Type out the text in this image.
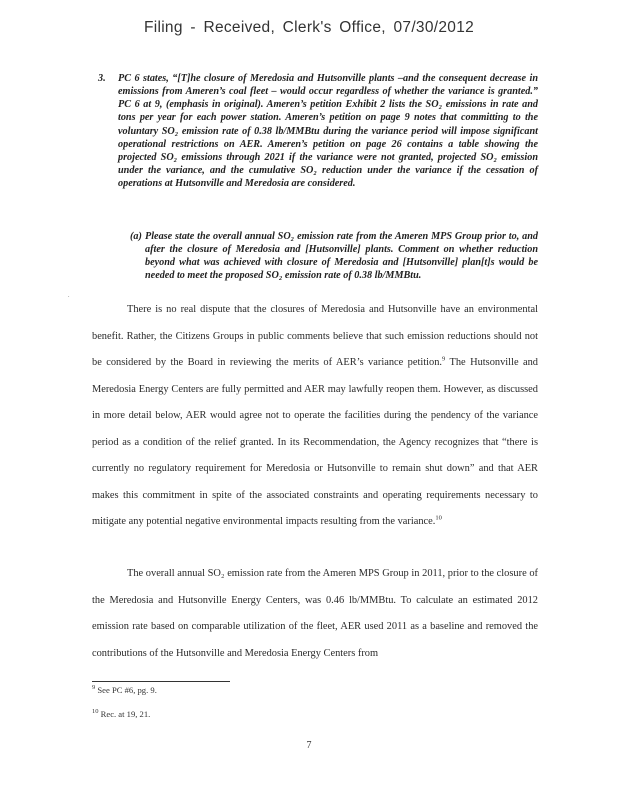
Filing - Received, Clerk's Office, 07/30/2012
3. PC 6 states, “[T]he closure of Meredosia and Hutsonville plants –and the consequent decrease in emissions from Ameren’s coal fleet – would occur regardless of whether the variance is granted.” PC 6 at 9, (emphasis in original). Ameren’s petition Exhibit 2 lists the SO₂ emissions in rate and tons per year for each power station. Ameren’s petition on page 9 notes that committing to the voluntary SO₂ emission rate of 0.38 lb/MMBtu during the variance period will impose significant operational restrictions on AER. Ameren’s petition on page 26 contains a table showing the projected SO₂ emissions through 2021 if the variance were not granted, projected SO₂ emission under the variance, and the cumulative SO₂ reduction under the variance if the cessation of operations at Hutsonville and Meredosia are considered.
(a) Please state the overall annual SO₂ emission rate from the Ameren MPS Group prior to, and after the closure of Meredosia and [Hutsonville] plants. Comment on whether reduction beyond what was achieved with closure of Meredosia and [Hutsonville] plan[t]s would be needed to meet the proposed SO₂ emission rate of 0.38 lb/MMBtu.
.
There is no real dispute that the closures of Meredosia and Hutsonville have an environmental benefit. Rather, the Citizens Groups in public comments believe that such emission reductions should not be considered by the Board in reviewing the merits of AER’s variance petition.$^9$ The Hutsonville and Meredosia Energy Centers are fully permitted and AER may lawfully reopen them. However, as discussed in more detail below, AER would agree not to operate the facilities during the pendency of the variance period as a condition of the relief granted. In its Recommendation, the Agency recognizes that “there is currently no regulatory requirement for Meredosia or Hutsonville to remain shut down” and that AER makes this commitment in spite of the associated constraints and operating requirements necessary to mitigate any potential negative environmental impacts resulting from the variance.$^{10}$
The overall annual SO₂ emission rate from the Ameren MPS Group in 2011, prior to the closure of the Meredosia and Hutsonville Energy Centers, was 0.46 lb/MMBtu. To calculate an estimated 2012 emission rate based on comparable utilization of the fleet, AER used 2011 as a baseline and removed the contributions of the Hutsonville and Meredosia Energy Centers from
$^9$ See PC #6, pg. 9.
$^{10}$ Rec. at 19, 21.
7
